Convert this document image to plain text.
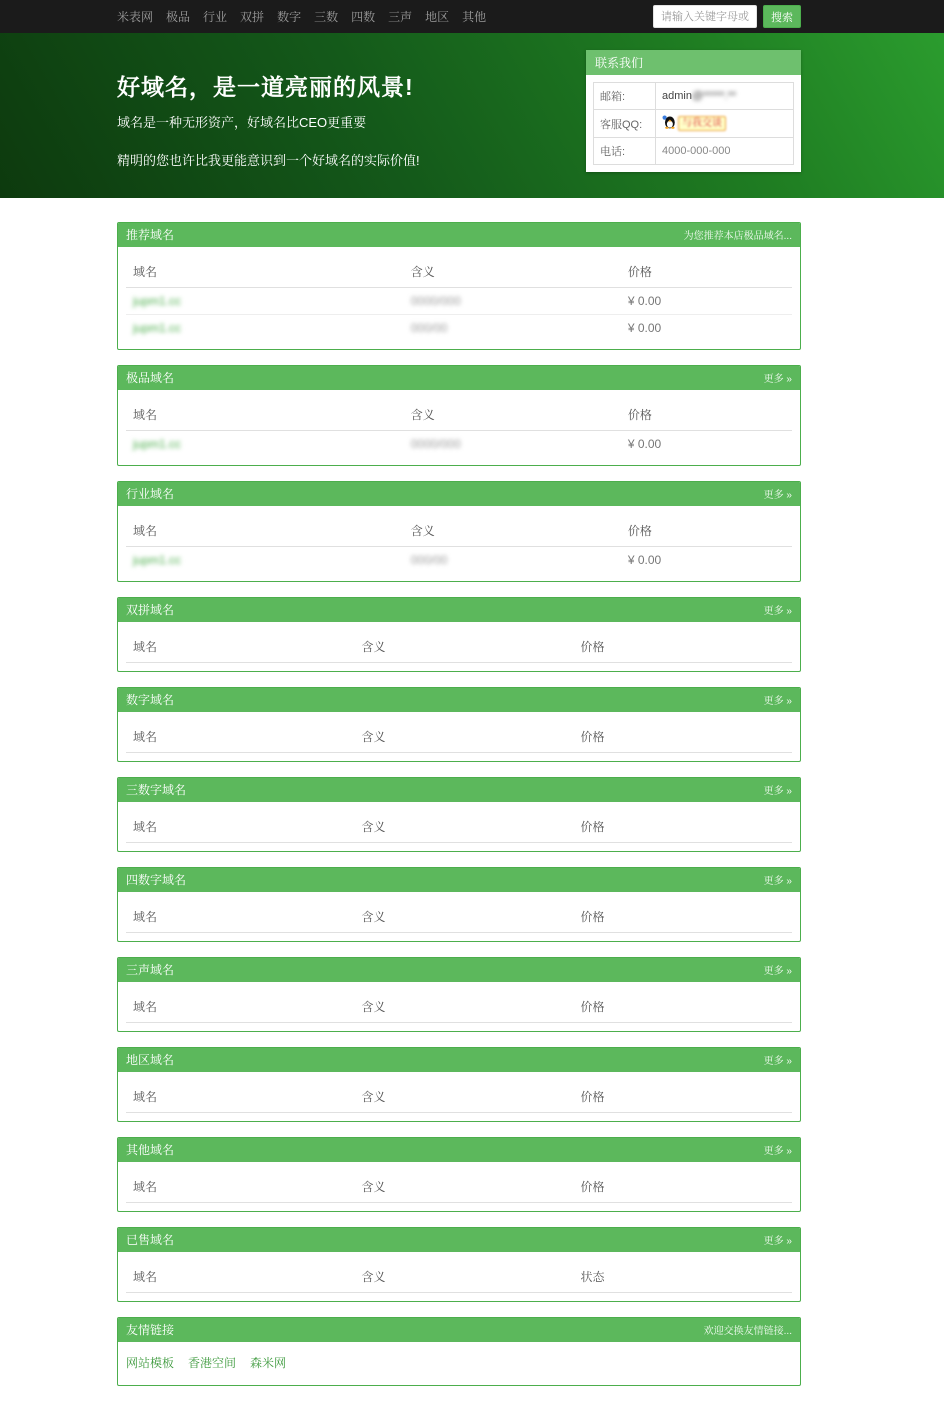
米表网 极品 行业 双拼 数字 三数 四数 三声 地区 其他
请输入关键字母或数字	搜索
好域名，是一道亮丽的风景!

域名是一种无形资产，好域名比CEO更重要

精明的您也许比我更能意识到一个好域名的实际价值!

联系我们
邮箱:	admin@*****.**
客服QQ:	与我交谈

电话:	4000-000-000
推荐域名	为您推荐本店极品域名...
域名	含义	价格
jupm1.cc	0000/000	¥ 0.00
jupm1.cc	000/00	¥ 0.00
极品域名	更多 »
域名	含义	价格
jupm1.cc	0000/000	¥ 0.00
行业域名	更多 »
域名	含义	价格
jupm1.cc	000/00	¥ 0.00
双拼域名	更多 »
域名	含义	价格
数字域名	更多 »
域名	含义	价格
三数字域名	更多 »
域名	含义	价格
四数字域名	更多 »
域名	含义	价格
三声域名	更多 »
域名	含义	价格
地区域名	更多 »
域名	含义	价格
其他域名	更多 »
域名	含义	价格
已售域名	更多 »
域名	含义	状态
友情链接	欢迎交换友情链接...
网站模板 香港空间 森米网
